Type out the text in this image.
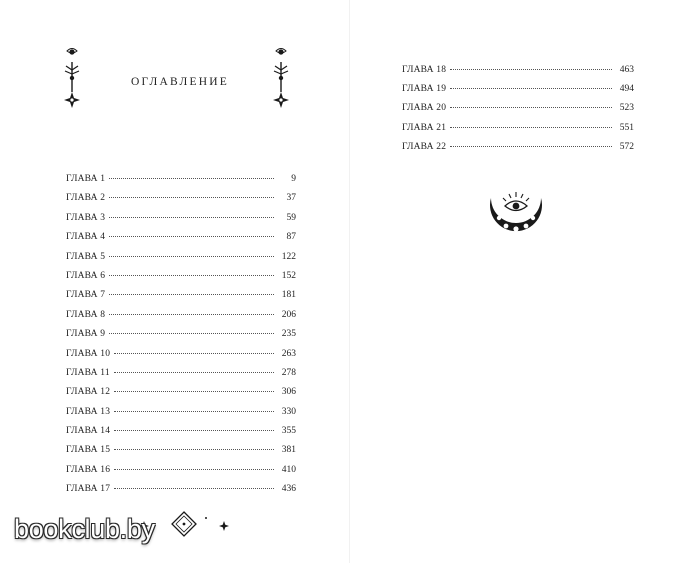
ОГЛАВЛЕНИЕ
ГЛАВА 1	9
ГЛАВА 2	37
ГЛАВА 3	59
ГЛАВА 4	87
ГЛАВА 5	122
ГЛАВА 6	152
ГЛАВА 7	181
ГЛАВА 8	206
ГЛАВА 9	235
ГЛАВА 10	263
ГЛАВА 11	278
ГЛАВА 12	306
ГЛАВА 13	330
ГЛАВА 14	355
ГЛАВА 15	381
ГЛАВА 16	410
ГЛАВА 17	436
ГЛАВА 18	463
ГЛАВА 19	494
ГЛАВА 20	523
ГЛАВА 21	551
ГЛАВА 22	572
bookclub.by
